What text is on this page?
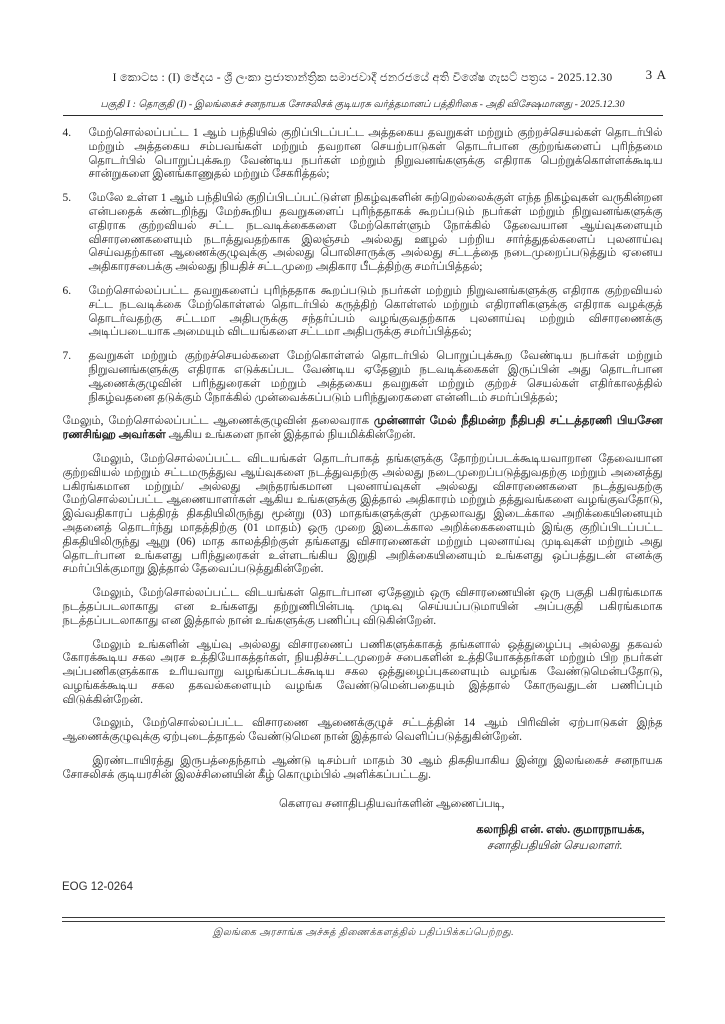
3 A
I කොටස : (I) ඡේදය - ශ්‍රී ලංකා ප්‍රජාතාන්ත්‍රික සමාජවාදී ජනරජයේ අති විශේෂ ගැසට් පත්‍රය - 2025.12.30
பகுதி I : தொகுதி (I) - இலங்கைச் சனநாயக சோசலிசக் குடியரசு வர்த்தமானப் பத்திரிகை - அதி விசேஷமானது - 2025.12.30
4.	மேற்சொல்லப்பட்ட 1 ஆம் பந்தியில் குறிப்பிடப்பட்ட அத்தகைய தவறுகள் மற்றும் குற்றச்செயல்கள் தொடர்பில் மற்றும் அத்தகைய சம்பவங்கள் மற்றும் தவறான செயற்பாடுகள் தொடர்பான குற்றங்களைப் புரிந்தமை தொடர்பில் பொறுப்புக்கூற வேண்டிய நபர்கள் மற்றும் நிறுவனங்களுக்கு எதிராக பெற்றுக்கொள்ளக்கூடிய சான்றுகளை இனங்காணுதல் மற்றும் சேகரித்தல்;
5.	மேலே உள்ள 1 ஆம் பந்தியில் குறிப்பிடப்பட்டுள்ள நிகழ்வுகளின் சுற்றெல்லைக்குள் எந்த நிகழ்வுகள் வருகின்றன என்பதைக் கண்டறிந்து மேற்கூறிய தவறுகளைப் புரிந்ததாகக் கூறப்படும் நபர்கள் மற்றும் நிறுவனங்களுக்கு எதிராக குற்றவியல் சட்ட நடவடிக்கைகளை மேற்கொள்ளும் நோக்கில் தேவையான ஆய்வுகளையும் விசாரணைகளையும் நடாத்துவதற்காக இலஞ்சம் அல்லது ஊழல் பற்றிய சார்த்துதல்களைப் புலனாய்வு செய்வதற்கான ஆணைக்குழுவுக்கு அல்லது பொலிசாருக்கு அல்லது சட்டத்தை நடைமுறைப்படுத்தும் ஏனைய அதிகாரசபைக்கு அல்லது நியதிச் சட்டமுறை அதிகார பீடத்திற்கு சமர்ப்பித்தல்;
6.	மேற்சொல்லப்பட்ட தவறுகளைப் புரிந்ததாக கூறப்படும் நபர்கள் மற்றும் நிறுவனங்களுக்கு எதிராக குற்றவியல் சட்ட நடவடிக்கை மேற்கொள்ளல் தொடர்பில் கருத்திற் கொள்ளல் மற்றும் எதிராளிகளுக்கு எதிராக வழக்குத் தொடர்வதற்கு சட்டமா அதிபருக்கு சந்தர்ப்பம் வழங்குவதற்காக புலனாய்வு மற்றும் விசாரணைக்கு அடிப்படையாக அமையும் விடயங்களை சட்டமா அதிபருக்கு சமர்ப்பித்தல்;
7.	தவறுகள் மற்றும் குற்றச்செயல்களை மேற்கொள்ளல் தொடர்பில் பொறுப்புக்கூற வேண்டிய நபர்கள் மற்றும் நிறுவனங்களுக்கு எதிராக எடுக்கப்பட வேண்டிய ஏதேனும் நடவடிக்கைகள் இருப்பின் அது தொடர்பான ஆணைக்குழுவின் பரிந்துரைகள் மற்றும் அத்தகைய தவறுகள் மற்றும் குற்றச் செயல்கள் எதிர்காலத்தில் நிகழ்வதனை தடுக்கும் நோக்கில் முன்வைக்கப்படும் பரிந்துரைகளை என்னிடம் சமர்ப்பித்தல்;

மேலும், மேற்சொல்லப்பட்ட ஆணைக்குழுவின் தலைவராக முன்னாள் மேல் நீதிமன்ற நீதிபதி சட்டத்தரணி பியசேன ரணசிங்ஹ அவர்கள் ஆகிய உங்களை நான் இத்தால் நியமிக்கின்றேன்.

மேலும், மேற்சொல்லப்பட்ட விடயங்கள் தொடர்பாகத் தங்களுக்கு தோற்றப்படக்கூடியவாறான தேவையான குற்றவியல் மற்றும் சட்டமருத்துவ ஆய்வுகளை நடத்துவதற்கு அல்லது நடைமுறைப்படுத்துவதற்கு மற்றும் அனைத்து பகிரங்கமான மற்றும்/ அல்லது அந்தரங்கமான புலனாய்வுகள் அல்லது விசாரணைகளை நடத்துவதற்கு மேற்சொல்லப்பட்ட ஆணையாளர்கள் ஆகிய உங்களுக்கு இத்தால் அதிகாரம் மற்றும் தத்துவங்களை வழங்குவதோடு, இவ்வதிகாரப் பத்திரத் திகதியிலிருந்து மூன்று (03) மாதங்களுக்குள் முதலாவது இடைக்கால அறிக்கையினையும் அதனைத் தொடர்ந்து மாதத்திற்கு (01 மாதம்) ஒரு முறை இடைக்கால அறிக்கைகளையும் இங்கு குறிப்பிடப்பட்ட திகதியிலிருந்து ஆறு (06) மாத காலத்திற்குள் தங்களது விசாரணைகள் மற்றும் புலனாய்வு முடிவுகள் மற்றும் அது தொடர்பான உங்களது பரிந்துரைகள் உள்ளடங்கிய இறுதி அறிக்கையினையும் உங்களது ஒப்பத்துடன் எனக்கு சமர்ப்பிக்குமாறு இத்தால் தேவைப்படுத்துகின்றேன்.

மேலும், மேற்சொல்லப்பட்ட விடயங்கள் தொடர்பான ஏதேனும் ஒரு விசாரணையின் ஒரு பகுதி பகிரங்கமாக நடத்தப்படலாகாது என உங்களது தற்றுணிபின்படி முடிவு செய்யப்படுமாயின் அப்பகுதி பகிரங்கமாக நடத்தப்படலாகாது என இத்தால் நான் உங்களுக்கு பணிப்பு விடுகின்றேன்.

மேலும் உங்களின் ஆய்வு அல்லது விசாரணைப் பணிகளுக்காகத் தங்களால் ஒத்துழைப்பு அல்லது தகவல் கோரக்கூடிய சகல அரச உத்தியோகத்தர்கள், நியதிச்சட்டமுறைச் சபைகளின் உத்தியோகத்தர்கள் மற்றும் பிற நபர்கள் அப்பணிகளுக்காக உரியவாறு வழங்கப்படக்கூடிய சகல ஒத்துழைப்புகளையும் வழங்க வேண்டுமென்பதோடு, வழங்கக்கூடிய சகல தகவல்களையும் வழங்க வேண்டுமென்பதையும் இத்தால் கோருவதுடன் பணிப்பும் விடுக்கின்றேன்.

மேலும், மேற்சொல்லப்பட்ட விசாரணை ஆணைக்குழுச் சட்டத்தின் 14 ஆம் பிரிவின் ஏற்பாடுகள் இந்த ஆணைக்குழுவுக்கு ஏற்புடைத்தாதல் வேண்டுமென நான் இத்தால் வெளிப்படுத்துகின்றேன்.

இரண்டாயிரத்து இருபத்தைந்தாம் ஆண்டு டிசம்பர் மாதம் 30 ஆம் திகதியாகிய இன்று இலங்கைச் சனநாயக சோசலிசக் குடியரசின் இலச்சினையின் கீழ் கொழும்பில் அளிக்கப்பட்டது.

கௌரவ சனாதிபதியவர்களின் ஆணைப்படி,

கலாநிதி என். எஸ். குமாரநாயக்க,

சனாதிபதியின் செயலாளர்.

EOG 12-0264
இலங்கை அரசாங்க அச்சுத் திணைக்களத்தில் பதிப்பிக்கப்பெற்றது.
